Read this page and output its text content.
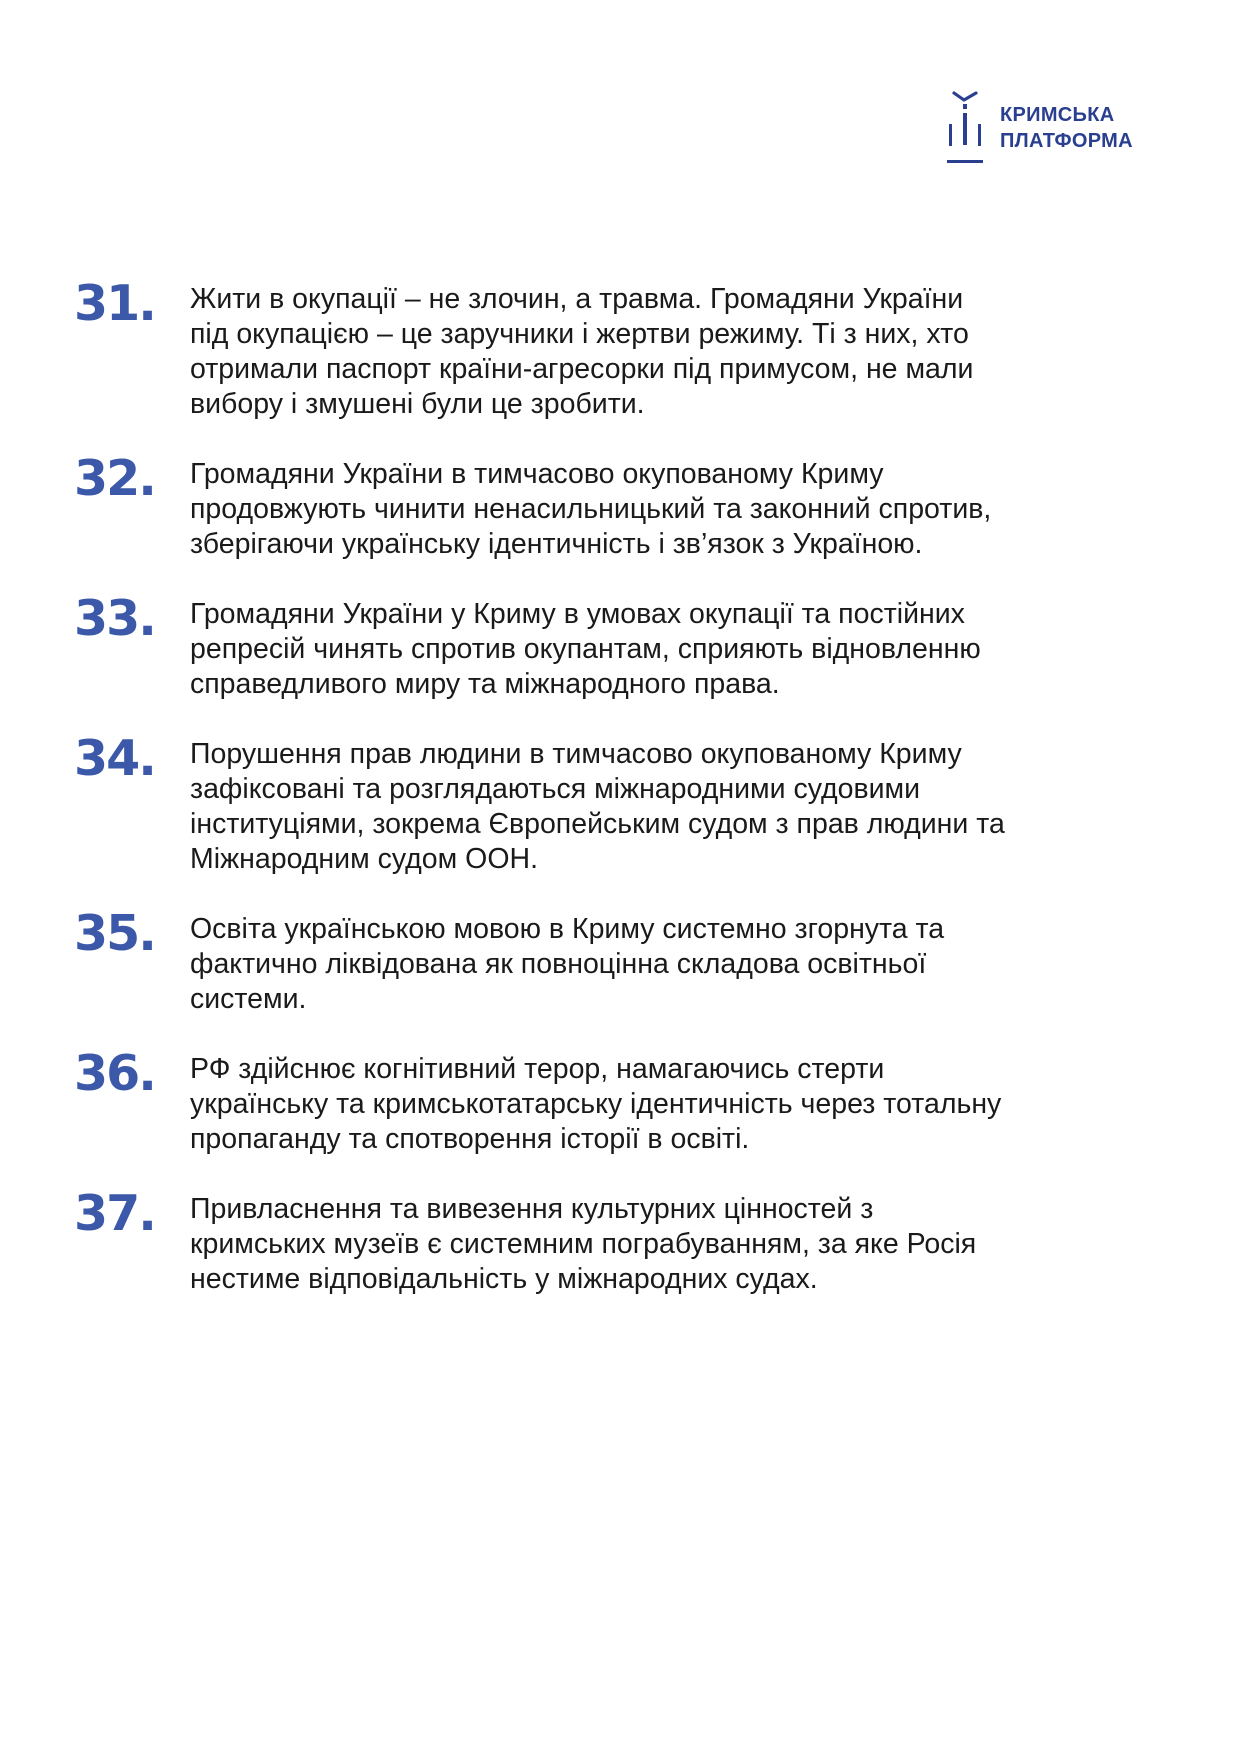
КРИМСЬКА
ПЛАТФОРМА
31.	Жити в окупації – не злочин, а травма. Громадяни України
під окупацією – це заручники і жертви режиму. Ті з них, хто
отримали паспорт країни-агресорки під примусом, не мали
вибору і змушені були це зробити.
32.	Громадяни України в тимчасово окупованому Криму
продовжують чинити ненасильницький та законний спротив,
зберігаючи українську ідентичність і зв’язок з Україною.
33.	Громадяни України у Криму в умовах окупації та постійних
репресій чинять спротив окупантам, сприяють відновленню
справедливого миру та міжнародного права.
34.	Порушення прав людини в тимчасово окупованому Криму
зафіксовані та розглядаються міжнародними судовими
інституціями, зокрема Європейським судом з прав людини та
Міжнародним судом ООН.
35.	Освіта українською мовою в Криму системно згорнута та
фактично ліквідована як повноцінна складова освітньої
системи.
36.	РФ здійснює когнітивний терор, намагаючись стерти
українську та кримськотатарську ідентичність через тотальну
пропаганду та спотворення історії в освіті.
37.	Привласнення та вивезення культурних цінностей з
кримських музеїв є системним пограбуванням, за яке Росія
нестиме відповідальність у міжнародних судах.
